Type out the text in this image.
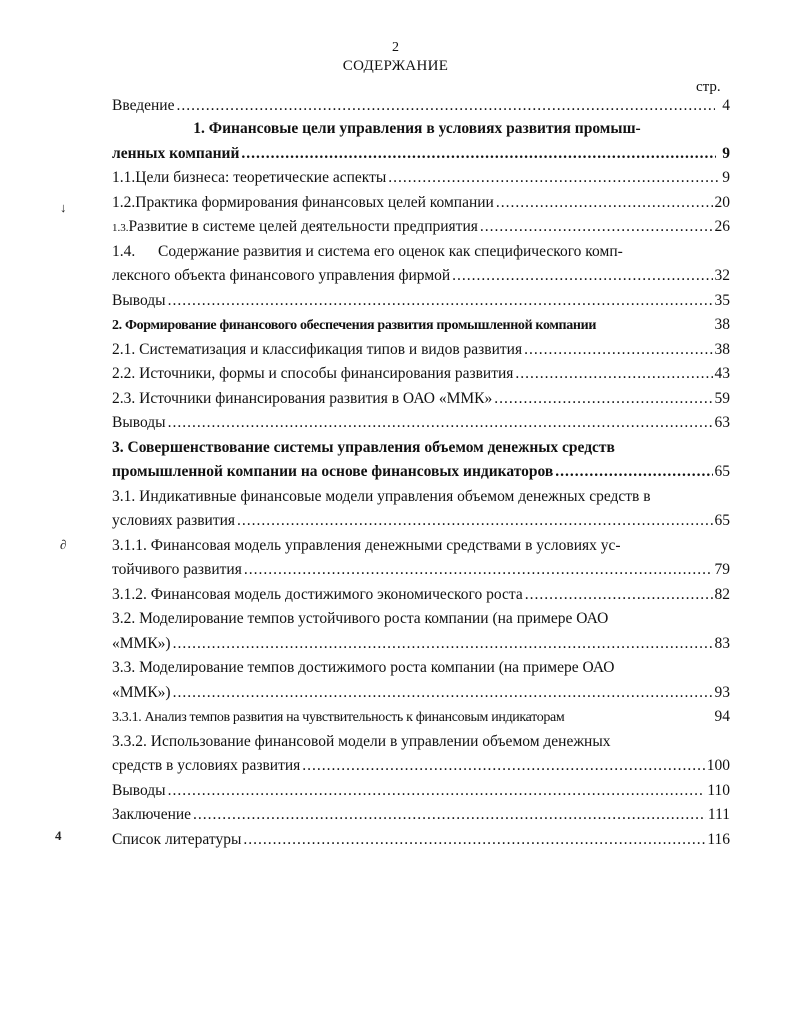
2
СОДЕРЖАНИЕ
стр.
↓
∂
4
Введение .....	4
1. Финансовые цели управления в условиях развития промыш-
ленных компаний .....	9
1.1. Цели бизнеса: теоретические аспекты .....	9
1.2. Практика формирования финансовых целей компании .....	20
1.3. Развитие в системе целей деятельности предприятия .....	26
1.4.	Содержание развития и система его оценок как специфического комп-
лексного объекта финансового управления фирмой .....	32
Выводы .....	35
2. Формирование финансового обеспечения развития промышленной компании	38
2.1. Систематизация и классификация типов и видов развития .....	38
2.2. Источники, формы и способы финансирования развития .....	43
2.3. Источники финансирования развития в ОАО «ММК» .....	59
Выводы .....	63
3. Совершенствование системы управления объемом денежных средств
промышленной компании на основе финансовых индикаторов .....	65
3.1. Индикативные финансовые модели управления объемом денежных средств в
условиях развития .....	65
3.1.1. Финансовая модель управления денежными средствами в условиях ус-
тойчивого развития .....	79
3.1.2. Финансовая модель достижимого экономического роста .....	82
3.2. Моделирование темпов устойчивого роста компании (на примере ОАО
«ММК») .....	83
3.3. Моделирование темпов достижимого роста компании (на примере ОАО
«ММК») .....	93
3.3.1. Анализ темпов развития на чувствительность к финансовым индикаторам	94
3.3.2. Использование финансовой модели в управлении объемом денежных
средств в условиях развития .....	100
Выводы .....	110
Заключение .....	111
Список литературы .....	116
